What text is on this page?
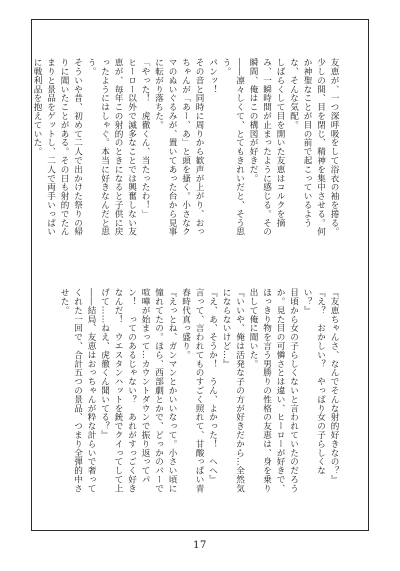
友恵が、一つ深呼吸をして浴衣の袖を捲る。少しの間、目を閉じ、精神を集中させる。何か神聖なことが目の前で起こっているような、そんな気配。

しばらくして目を開いた友恵はコルクを摘み、一瞬時間が止まったように感じる。その瞬間、俺はこの構図が好きだ。

――凛々しくて、とてもきれいだと、そう思う。

パンッ！

その音と同時に周りから歓声が上がり、おっちゃんが「あー、あ」と頭を搔く。小さなクマのぬいぐるみが、置いてあった台から見事に転がり落ちた。

「やった！　虎徹くん、当たったわ！」

ヒーロー以外で滅多なことでは興奮しない友恵が、毎年この射的のときになると子供に戻ったようにはしゃぐ。本当に好きなんだと思う。

そういや昔、初めて二人で出かけた祭りの帰りに聞いたことがある。その日も射的でたんまりと景品をゲットし、二人で両手いっぱいに戦利品を抱えていた。

『友恵ちゃんさ、なんでそんな射的好きなの？』

『え？　おかしい？　やっぱり女の子らしくない？』

目頃から女の子らしくないと言われていたのだろうか。見た目の可憐さとは違い、ヒーローが好きで、ほっきり物を言う男勝りの性格の友恵は、身を乗り出して俺に聞いた。

『いいや、俺は活発な子の方が好きだから…全然気にならないけど…』

『え、あ、そうか！　うん、よかった！　へへ』

言って、言われてものすごく照れて、甘酸っぱい青春時代真っ盛り。

『えっとね、ガンマンとかいいなって。小さい頃に憧れてたの。ほら、西部劇とかで、どっかのバーで喧嘩が始まって…カウントダウンで振り返ってパン！　ってのあるじゃない？　あれがすっごく好きなんだ！　ウエスタンハットを銃でクイってして上げて……ねえ、虎徹くん聞いてる？』

――結局、友恵はおっちゃんが粋な計らいで奢ってくれた一回で、合計五つの景品、つまり全弾的中させた。

17
